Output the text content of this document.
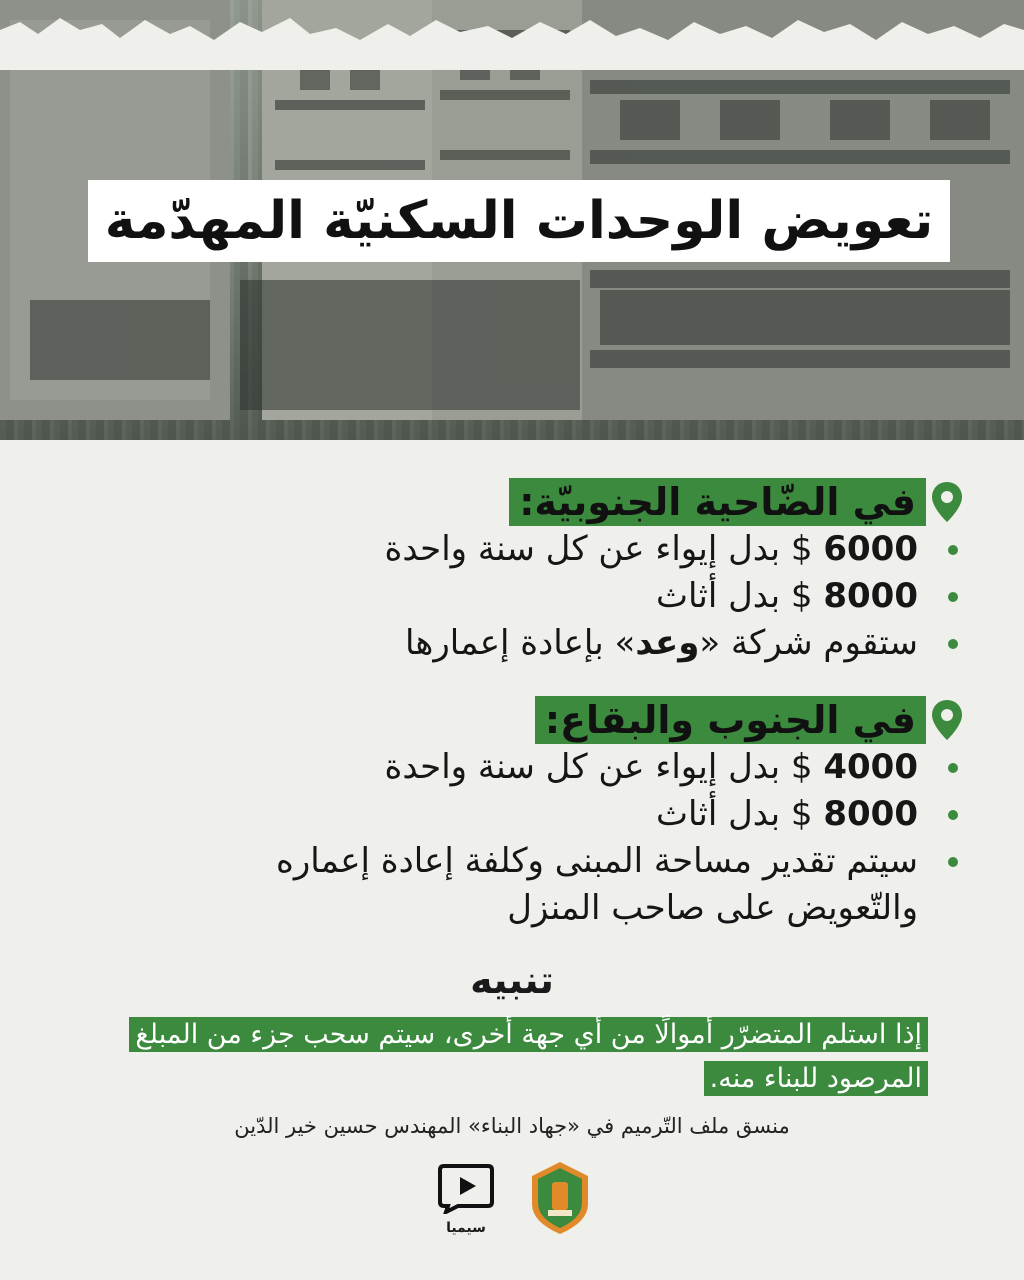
تعويض الوحدات السكنيّة المهدّمة
في الضّاحية الجنوبيّة:
6000 $ بدل إيواء عن كل سنة واحدة
8000 $ بدل أثاث
ستقوم شركة «وعد» بإعادة إعمارها
في الجنوب والبقاع:
4000 $ بدل إيواء عن كل سنة واحدة
8000 $ بدل أثاث
سيتم تقدير مساحة المبنى وكلفة إعادة إعماره والتّعويض على صاحب المنزل
تنبيه
إذا استلم المتضرّر أموالًا من أي جهة أخرى، سيتم سحب جزء من المبلغ
المرصود للبناء منه.
منسق ملف التّرميم في «جهاد البناء» المهندس حسين خير الدّين
سيميا
